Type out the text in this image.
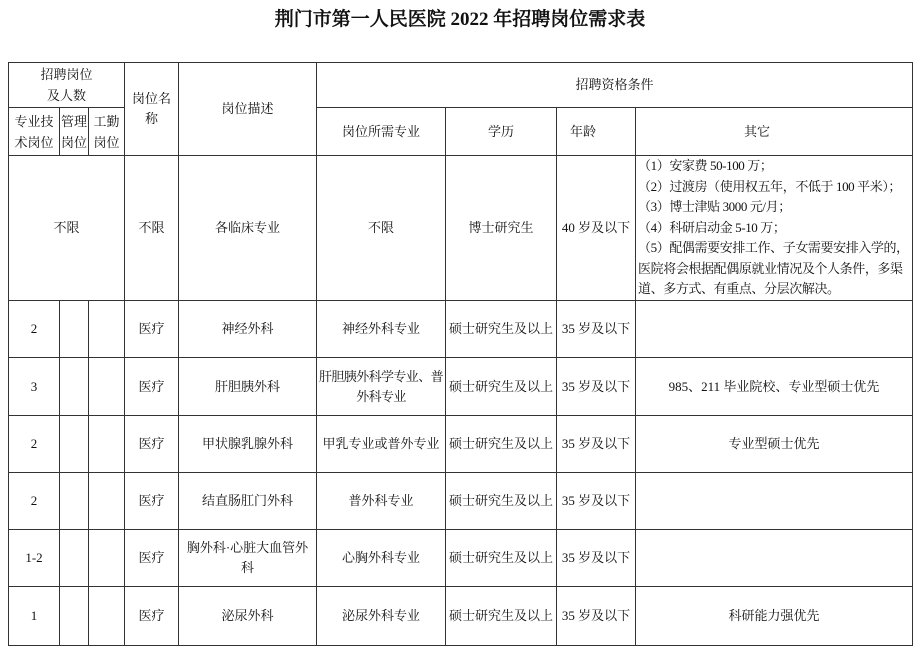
荆门市第一人民医院 2022 年招聘岗位需求表
招聘岗位
及人数			岗位名称	岗位描述	招聘资格条件			
专业技术岗位	管理岗位	工勤岗位			岗位所需专业	学历	年龄	其它
不限			不限	各临床专业	不限	博士研究生	40 岁及以下	（1）安家费 50-100 万；
（2）过渡房（使用权五年，不低于 100 平米）；
（3）博士津贴 3000 元/月；
（4）科研启动金 5-10 万；
（5）配偶需要安排工作、子女需要安排入学的，医院将会根据配偶原就业情况及个人条件，多渠道、多方式、有重点、分层次解决。

2			医疗	神经外科	神经外科专业	硕士研究生及以上	35 岁及以下	
3			医疗	肝胆胰外科	肝胆胰外科学专业、普外科专业	硕士研究生及以上	35 岁及以下	985、211 毕业院校、专业型硕士优先
2			医疗	甲状腺乳腺外科	甲乳专业或普外专业	硕士研究生及以上	35 岁及以下	专业型硕士优先
2			医疗	结直肠肛门外科	普外科专业	硕士研究生及以上	35 岁及以下	
1-2			医疗	胸外科·心脏大血管外科	心胸外科专业	硕士研究生及以上	35 岁及以下	
1			医疗	泌尿外科	泌尿外科专业	硕士研究生及以上	35 岁及以下	科研能力强优先
